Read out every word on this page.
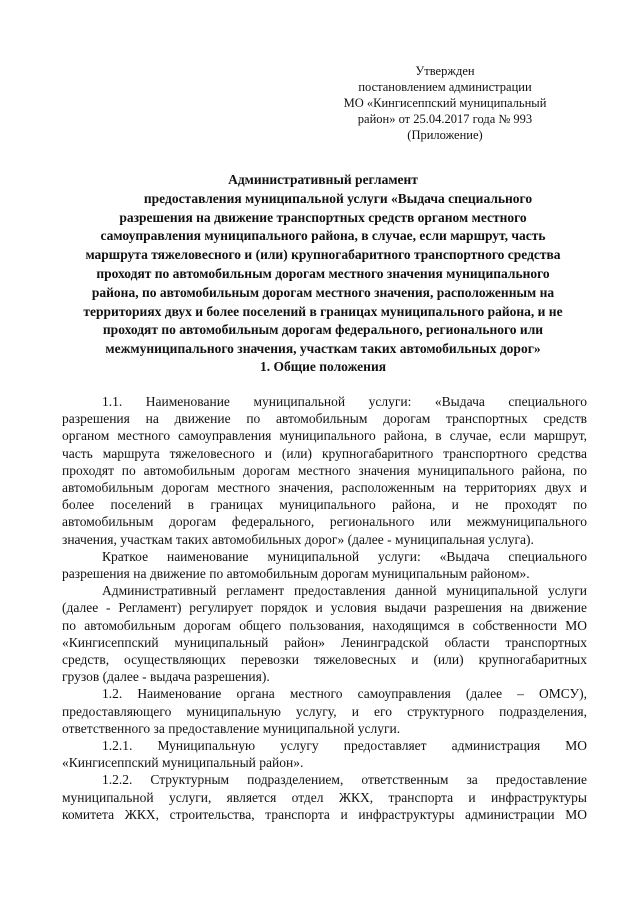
Утвержден
постановлением администрации
МО «Кингисеппский муниципальный
район» от 25.04.2017 года № 993
(Приложение)
Административный регламент
предоставления муниципальной услуги «Выдача специального
разрешения на движение транспортных средств органом местного
самоуправления муниципального района, в случае, если маршрут, часть
маршрута тяжеловесного и (или) крупногабаритного транспортного средства
проходят по автомобильным дорогам местного значения муниципального
района, по автомобильным дорогам местного значения, расположенным на
территориях двух и более поселений в границах муниципального района, и не
проходят по автомобильным дорогам федерального, регионального или
межмуниципального значения, участкам таких автомобильных дорог»
1. Общие положения
1.1. Наименование муниципальной услуги: «Выдача специального
разрешения на движение по автомобильным дорогам транспортных средств
органом местного самоуправления муниципального района, в случае, если маршрут,
часть маршрута тяжеловесного и (или) крупногабаритного транспортного средства
проходят по автомобильным дорогам местного значения муниципального района, по
автомобильным дорогам местного значения, расположенным на территориях двух и
более поселений в границах муниципального района, и не проходят по
автомобильным дорогам федерального, регионального или межмуниципального
значения, участкам таких автомобильных дорог» (далее - муниципальная услуга).
Краткое наименование муниципальной услуги: «Выдача специального
разрешения на движение по автомобильным дорогам муниципальным районом».
Административный регламент предоставления данной муниципальной услуги
(далее - Регламент) регулирует порядок и условия выдачи разрешения на движение
по автомобильным дорогам общего пользования, находящимся в собственности МО
«Кингисеппский муниципальный район» Ленинградской области транспортных
средств, осуществляющих перевозки тяжеловесных и (или) крупногабаритных
грузов (далее - выдача разрешения).
1.2. Наименование органа местного самоуправления (далее – ОМСУ),
предоставляющего муниципальную услугу, и его структурного подразделения,
ответственного за предоставление муниципальной услуги.
1.2.1. Муниципальную услугу предоставляет администрация МО
«Кингисеппский муниципальный район».
1.2.2. Структурным подразделением, ответственным за предоставление
муниципальной услуги, является отдел ЖКХ, транспорта и инфраструктуры
комитета ЖКХ, строительства, транспорта и инфраструктуры администрации МО
